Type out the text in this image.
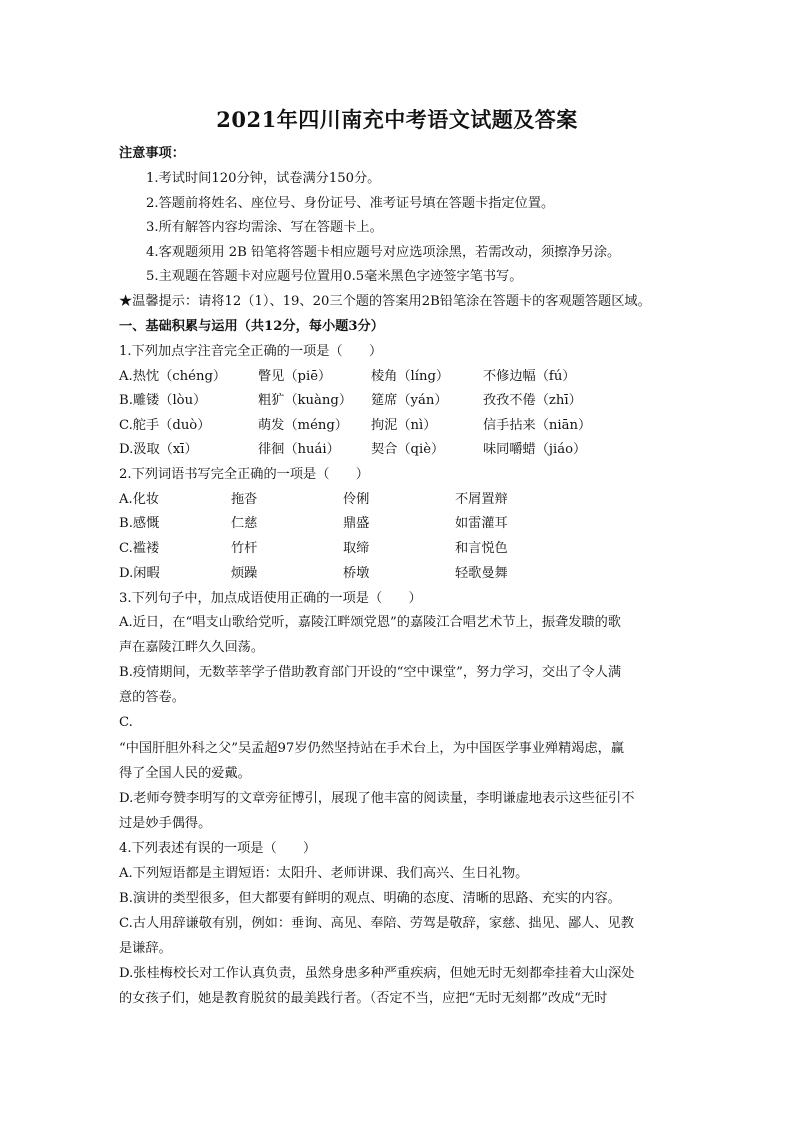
2021年四川南充中考语文试题及答案
注意事项：
1.考试时间120分钟，试卷满分150分。
2.答题前将姓名、座位号、身份证号、准考证号填在答题卡指定位置。
3.所有解答内容均需涂、写在答题卡上。
4.客观题须用 2B 铅笔将答题卡相应题号对应选项涂黑，若需改动，须擦净另涂。
5.主观题在答题卡对应题号位置用0.5毫米黑色字迹签字笔书写。
★温馨提示：请将12（1）、19、20三个题的答案用2B铅笔涂在答题卡的客观题答题区域。
一、基础积累与运用（共12分，每小题3分）
1.下列加点字注音完全正确的一项是（　　）
A.热忱（chéng） 瞥见（piē）	棱角（líng）	不修边幅（fú）
B.雕镂（lòu）	粗犷（kuàng） 筵席（yán）	孜孜不倦（zhī）
C.舵手（duò）	萌发（méng） 拘泥（nì）	信手拈来（niān）
D.汲取（xī）	徘徊（huái） 契合（qiè）	味同嚼蜡（jiáo）
2.下列词语书写完全正确的一项是（　　）
A.化妆	拖沓	伶俐	不屑置辩
B.感慨	仁慈	鼎盛	如雷灌耳
C.褴褛	竹杆	取缔	和言悦色
D.闲暇	烦躁	桥墩	轻歌曼舞
3.下列句子中，加点成语使用正确的一项是（　　）
A.近日，在“唱支山歌给党听，嘉陵江畔颂党恩”的嘉陵江合唱艺术节上，振聋发聩的歌
声在嘉陵江畔久久回荡。
B.疫情期间，无数莘莘学子借助教育部门开设的“空中课堂”，努力学习，交出了令人满
意的答卷。
C.
“中国肝胆外科之父”吴孟超97岁仍然坚持站在手术台上，为中国医学事业殚精竭虑，赢
得了全国人民的爱戴。
D.老师夸赞李明写的文章旁征博引，展现了他丰富的阅读量，李明谦虚地表示这些征引不
过是妙手偶得。
4.下列表述有误的一项是（　　）
A.下列短语都是主谓短语：太阳升、老师讲课、我们高兴、生日礼物。
B.演讲的类型很多，但大都要有鲜明的观点、明确的态度、清晰的思路、充实的内容。
C.古人用辞谦敬有别，例如：垂询、高见、奉陪、劳驾是敬辞，家慈、拙见、鄙人、见教
是谦辞。
D.张桂梅校长对工作认真负责，虽然身患多种严重疾病，但她无时无刻都牵挂着大山深处
的女孩子们，她是教育脱贫的最美践行者。（否定不当，应把“无时无刻都”改成“无时
